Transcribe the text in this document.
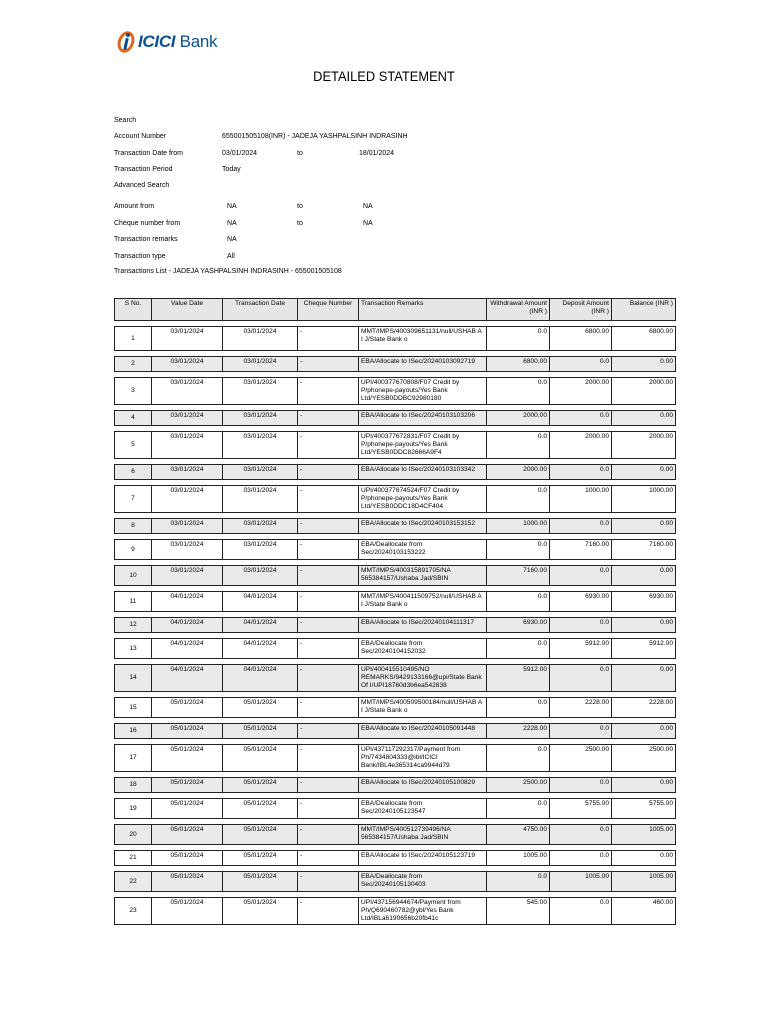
ICICI Bank
DETAILED STATEMENT
Search
Account Number	655001505108(INR) - JADEJA YASHPALSINH INDRASINH
Transaction Date from	03/01/2024	to	18/01/2024
Transaction Period	Today
Advanced Search
Amount from	NA	to	NA
Cheque number from	NA	to	NA
Transaction remarks	NA
Transaction type	All
Transactions List - JADEJA YASHPALSINH INDRASINH - 655001505108
S No.	Value Date	Transaction Date	Cheque Number	Transaction Remarks	Withdrawal Amount (INR )	Deposit Amount (INR )	Balance (INR )

1	03/01/2024	03/01/2024	-	MMT/IMPS/400309651131/null/USHAB A I J/State Bank o	0.0	6800.00	6800.00

2	03/01/2024	03/01/2024	-	EBA/Allocate to ISec/20240103092719	6800.00	0.0	0.00

3	03/01/2024	03/01/2024	-	UPI/400377670808/F07 Credit by P/phonepe-payouts/Yes Bank Ltd/YESB0DDBC92980180	0.0	2000.00	2000.00

4	03/01/2024	03/01/2024	-	EBA/Allocate to ISec/20240103103206	2000.00	0.0	0.00

5	03/01/2024	03/01/2024	-	UPI/400377672831/F07 Credit by P/phonepe-payouts/Yes Bank Ltd/YESB0DDC82666A9F4	0.0	2000.00	2000.00

6	03/01/2024	03/01/2024	-	EBA/Allocate to ISec/20240103103342	2000.00	0.0	0.00

7	03/01/2024	03/01/2024	-	UPI/400377674524/F07 Credit by P/phonepe-payouts/Yes Bank Ltd/YESB0DDC18D4CF404	0.0	1000.00	1000.00

8	03/01/2024	03/01/2024	-	EBA/Allocate to ISec/20240103153152	1000.00	0.0	0.00

9	03/01/2024	03/01/2024	-	EBA/Deallocate from Sec/20240103153222	0.0	7160.00	7160.00

10	03/01/2024	03/01/2024	-	MMT/IMPS/400315891705/NA 565384157/Ushaba Jad/SBIN	7160.00	0.0	0.00

11	04/01/2024	04/01/2024	-	MMT/IMPS/400411509752/null/USHAB A I J/State Bank o	0.0	6930.00	6930.00

12	04/01/2024	04/01/2024	-	EBA/Allocate to ISec/20240104111317	6930.00	0.0	0.00

13	04/01/2024	04/01/2024	-	EBA/Deallocate from Sec/20240104152032	0.0	5912.00	5912.00

14	04/01/2024	04/01/2024	-	UPI/400415510495/NO REMARKS/9429133166@upi/State Bank Of I/UPI18760d3b6ea542838	5912.00	0.0	0.00

15	05/01/2024	05/01/2024	-	MMT/IMPS/400509500184/null/USHAB A I J/State Bank o	0.0	2228.00	2228.00

16	05/01/2024	05/01/2024	-	EBA/Allocate to ISec/20240105091448	2228.00	0.0	0.00

17	05/01/2024	05/01/2024	-	UPI/437117292317/Payment from Ph/7434804333@ibl/ICICI Bank/IBL4e365314ca9944d79	0.0	2500.00	2500.00

18	05/01/2024	05/01/2024	-	EBA/Allocate to ISec/20240105100829	2500.00	0.0	0.00

19	05/01/2024	05/01/2024	-	EBA/Deallocate from Sec/20240105123547	0.0	5755.00	5755.00

20	05/01/2024	05/01/2024	-	MMT/IMPS/400512739496/NA 565384157/Ushaba Jad/SBIN	4750.00	0.0	1005.00

21	05/01/2024	05/01/2024	-	EBA/Allocate to ISec/20240105123719	1005.00	0.0	0.00

22	05/01/2024	05/01/2024	-	EBA/Deallocate from Sec/20240105130403	0.0	1005.00	1005.00

23	05/01/2024	05/01/2024	-	UPI/437156944674/Payment from Ph/Q690460782@ybl/Yes Bank Ltd/IBLa6190656b20fb41c	545.00	0.0	460.00
